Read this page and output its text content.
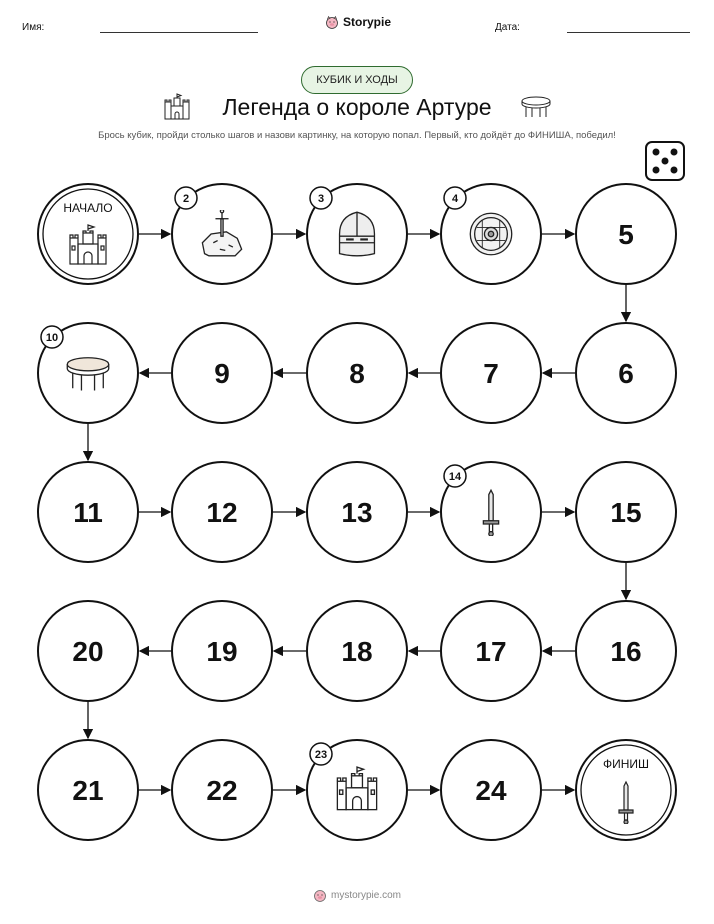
Имя:	Storypie	Дата:
КУБИК И ХОДЫ
Легенда о короле Артуре
Брось кубик, пройди столько шагов и назови картинку, на которую попал. Первый, кто дойдёт до ФИНИША, победил!
НАЧАЛО
2	3	4
5
6
7
8
9
10
11	12	13
14
15
16
17
18
19
20
21	22
23
24
ФИНИШ
mystorypie.com
